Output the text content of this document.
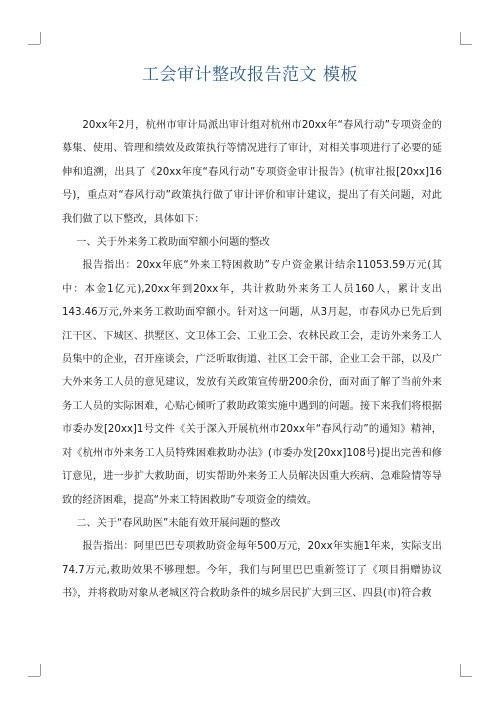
工会审计整改报告范文 模板

20xx年2月，杭州市审计局派出审计组对杭州市20xx年“春风行动”专项资金的募集、使用、管理和绩效及政策执行等情况进行了审计，对相关事项进行了必要的延伸和追溯，出具了《20xx年度“春风行动”专项资金审计报告》(杭审社报[20xx]16号)，重点对“春风行动”政策执行做了审计评价和审计建议，提出了有关问题，对此我们做了以下整改，具体如下：

一、关于外来务工救助面窄额小问题的整改

报告指出：20xx年底“外来工特困救助”专户资金累计结余11053.59万元(其中：本金1亿元),20xx年到20xx年，共计救助外来务工人员160人，累计支出143.46万元,外来务工救助面窄额小。针对这一问题，从3月起，市春风办已先后到江干区、下城区、拱墅区、文卫体工会、工业工会、农林民政工会，走访外来务工人员集中的企业，召开座谈会，广泛听取街道、社区工会干部，企业工会干部，以及广大外来务工人员的意见建议，发放有关政策宣传册200余份，面对面了解了当前外来务工人员的实际困难，心贴心倾听了救助政策实施中遇到的问题。接下来我们将根据市委办发[20xx]1号文件《关于深入开展杭州市20xx年“春风行动”的通知》精神，对《杭州市外来务工人员特殊困难救助办法》(市委办发[20xx]108号)提出完善和修订意见，进一步扩大救助面，切实帮助外来务工人员解决因重大疾病、急难险情等导致的经济困难，提高“外来工特困救助”专项资金的绩效。

二、关于“春风助医”未能有效开展问题的整改

报告指出：阿里巴巴专项救助资金每年500万元，20xx年实施1年来，实际支出74.7万元,救助效果不够理想。今年，我们与阿里巴巴重新签订了《项目捐赠协议书》，并将救助对象从老城区符合救助条件的城乡居民扩大到三区、四县(市)符合救
